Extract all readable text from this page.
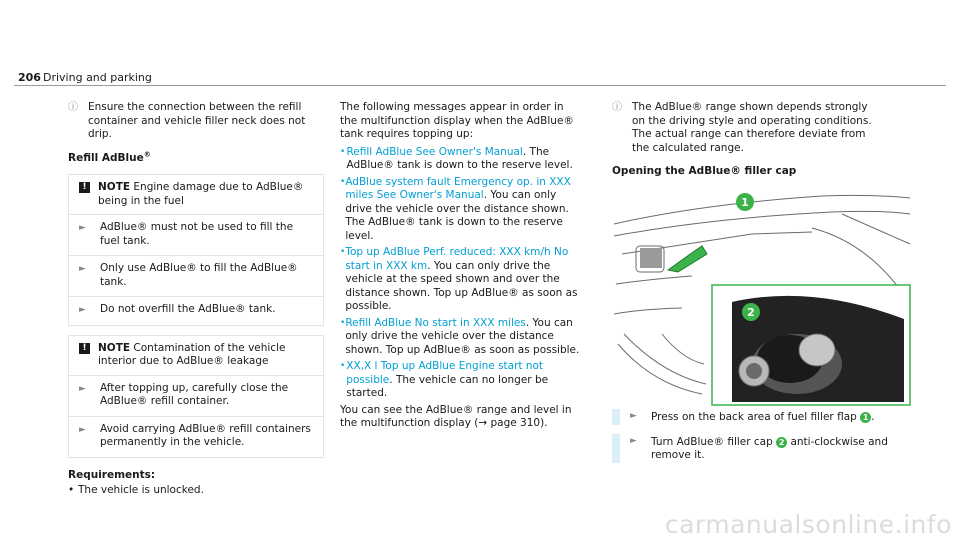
206 Driving and parking
ⓘ Ensure the connection between the refill container and vehicle filler neck does not drip.
Refill AdBlue®
!	NOTE Engine damage due to AdBlue® being in the fuel
►	AdBlue® must not be used to fill the fuel tank.
►	Only use AdBlue® to fill the AdBlue® tank.
►	Do not overfill the AdBlue® tank.
!	NOTE Contamination of the vehicle interior due to AdBlue® leakage
►	After topping up, carefully close the AdBlue® refill container.
►	Avoid carrying AdBlue® refill containers permanently in the vehicle.
Requirements:
• The vehicle is unlocked.
The following messages appear in order in the multifunction display when the AdBlue® tank requires topping up:
• Refill AdBlue See Owner's Manual. The AdBlue® tank is down to the reserve level.
• AdBlue system fault Emergency op. in XXX miles See Owner's Manual. You can only drive the vehicle over the distance shown. The AdBlue® tank is down to the reserve level.
• Top up AdBlue Perf. reduced: XXX km/h No start in XXX km. You can only drive the vehicle at the speed shown and over the distance shown. Top up AdBlue® as soon as possible.
• Refill AdBlue No start in XXX miles. You can only drive the vehicle over the distance shown. Top up AdBlue® as soon as possible.
• XX,X l Top up AdBlue Engine start not possible. The vehicle can no longer be started.
You can see the AdBlue® range and level in the multifunction display (→ page 310).
ⓘ The AdBlue® range shown depends strongly on the driving style and operating conditions. The actual range can therefore deviate from the calculated range.
Opening the AdBlue® filler cap
1
2
►	Press on the back area of fuel filler flap 1 .
►	Turn AdBlue® filler cap 2 anti-clockwise and remove it.
carmanualsonline.info
